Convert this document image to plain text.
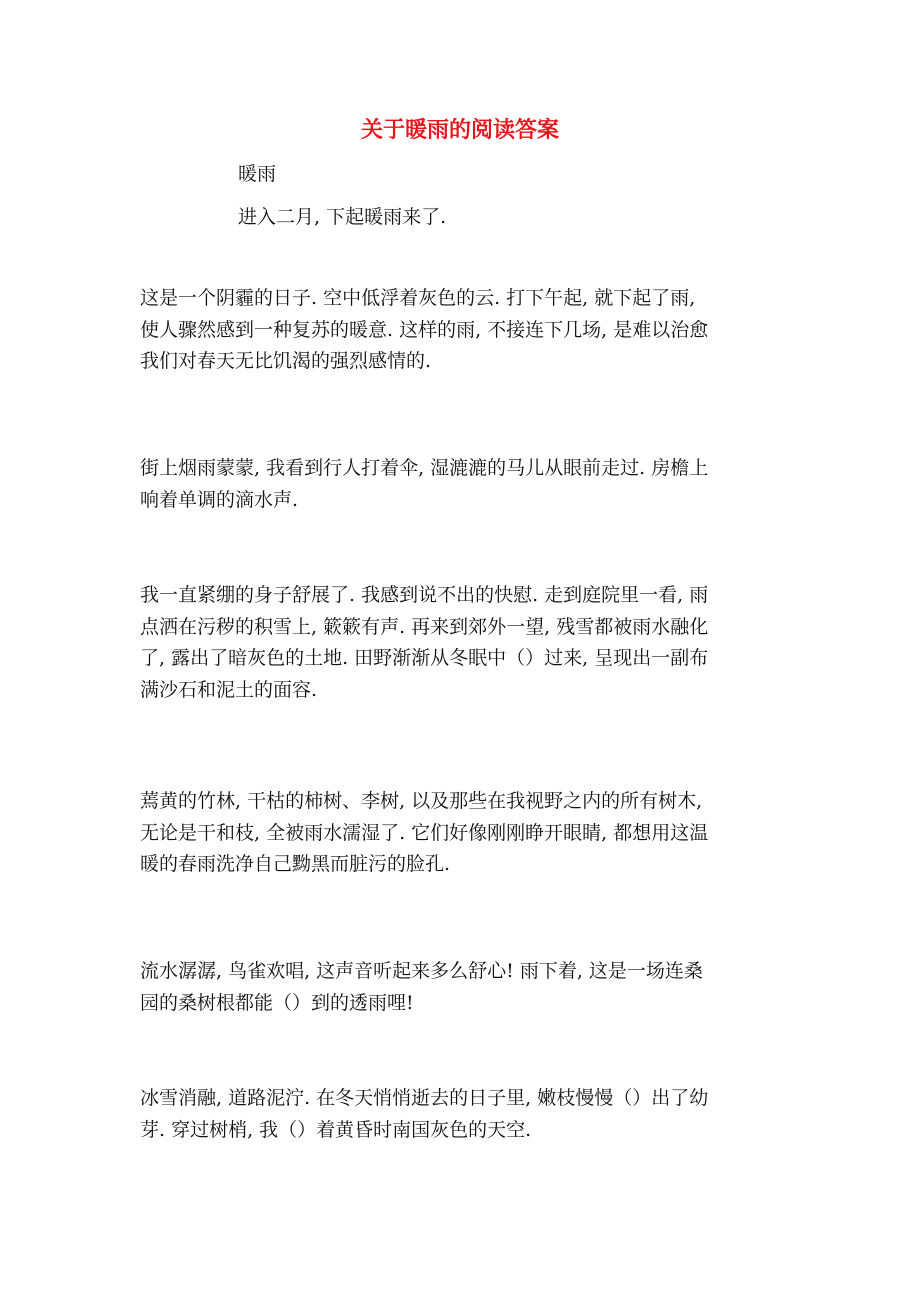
关于暖雨的阅读答案
暖雨
进入二月, 下起暖雨来了.

这是一个阴霾的日子. 空中低浮着灰色的云. 打下午起, 就下起了雨,
使人骤然感到一种复苏的暖意. 这样的雨, 不接连下几场, 是难以治愈
我们对春天无比饥渴的强烈感情的.

街上烟雨蒙蒙, 我看到行人打着伞, 湿漉漉的马儿从眼前走过. 房檐上
响着单调的滴水声.

我一直紧绷的身子舒展了. 我感到说不出的快慰. 走到庭院里一看, 雨
点洒在污秽的积雪上, 簌簌有声. 再来到郊外一望, 残雪都被雨水融化
了, 露出了暗灰色的土地. 田野渐渐从冬眠中（）过来, 呈现出一副布
满沙石和泥土的面容.

蔫黄的竹林, 干枯的柿树、李树, 以及那些在我视野之内的所有树木,
无论是干和枝, 全被雨水濡湿了. 它们好像刚刚睁开眼睛, 都想用这温
暖的春雨洗净自己黝黑而脏污的脸孔.

流水潺潺, 鸟雀欢唱, 这声音听起来多么舒心! 雨下着, 这是一场连桑
园的桑树根都能（）到的透雨哩!

冰雪消融, 道路泥泞. 在冬天悄悄逝去的日子里, 嫩枝慢慢（）出了幼
芽. 穿过树梢, 我（）着黄昏时南国灰色的天空.
